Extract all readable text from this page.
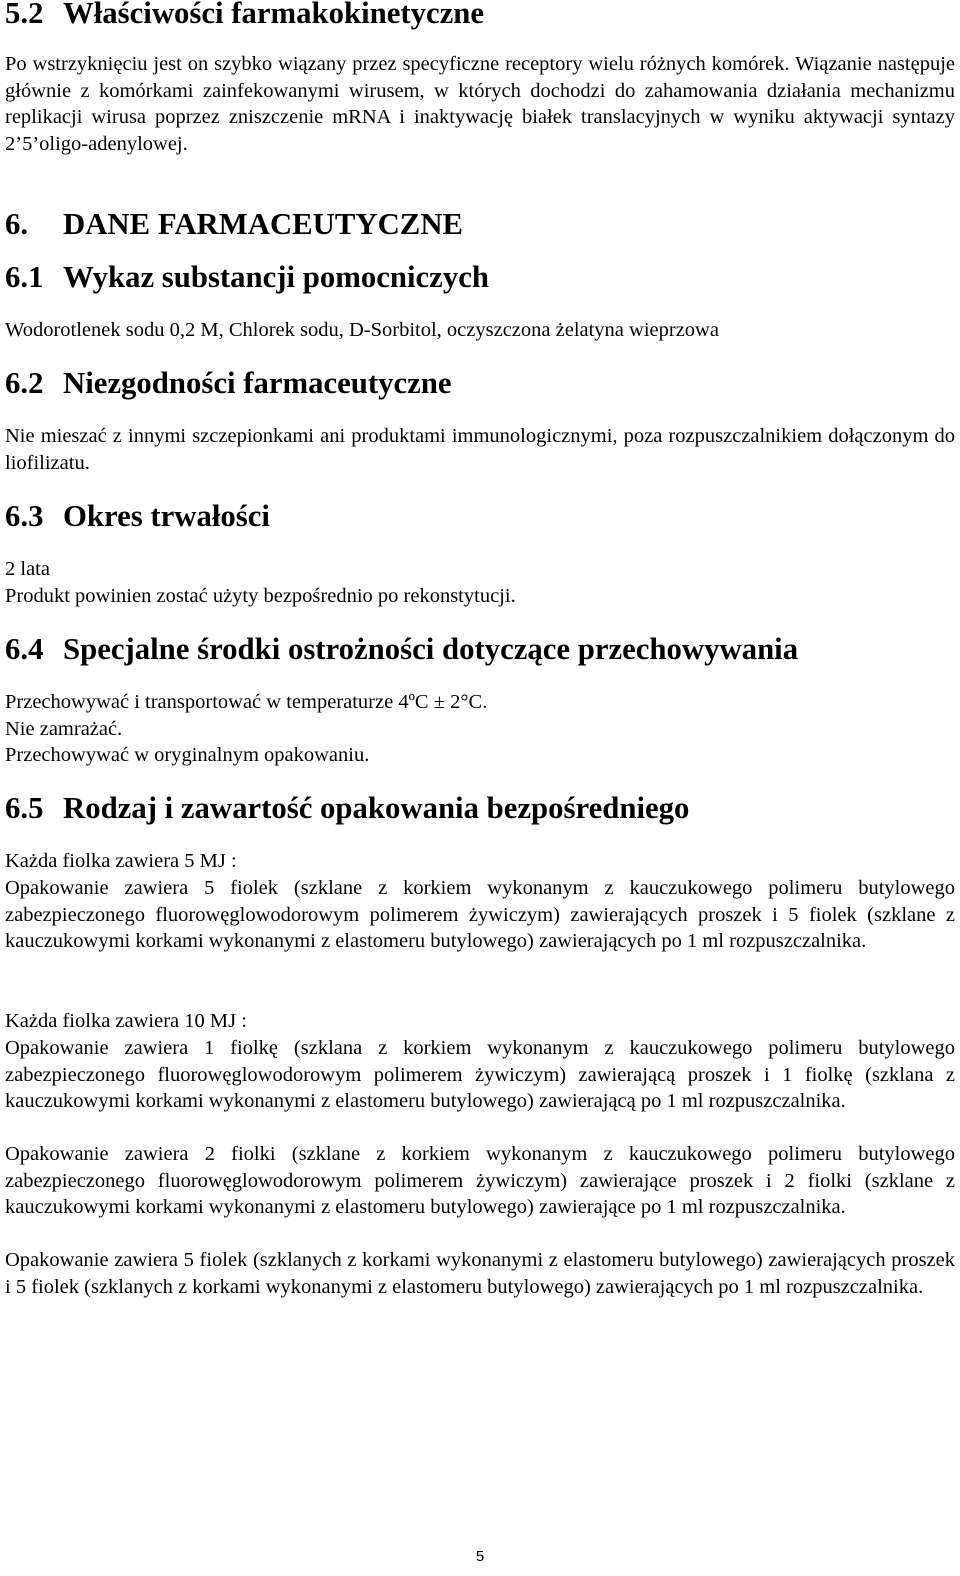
5.2 Właściwości farmakokinetyczne

Po wstrzyknięciu jest on szybko wiązany przez specyficzne receptory wielu różnych komórek. Wiązanie następuje głównie z komórkami zainfekowanymi wirusem, w których dochodzi do zahamowania działania mechanizmu replikacji wirusa poprzez zniszczenie mRNA i inaktywację białek translacyjnych w wyniku aktywacji syntazy 2’5’oligo-adenylowej.

6. DANE FARMACEUTYCZNE
6.1 Wykaz substancji pomocniczych

Wodorotlenek sodu 0,2 M, Chlorek sodu, D-Sorbitol, oczyszczona żelatyna wieprzowa

6.2 Niezgodności farmaceutyczne

Nie mieszać z innymi szczepionkami ani produktami immunologicznymi, poza rozpuszczalnikiem dołączonym do liofilizatu.

6.3 Okres trwałości

2 lata

Produkt powinien zostać użyty bezpośrednio po rekonstytucji.

6.4 Specjalne środki ostrożności dotyczące przechowywania

Przechowywać i transportować w temperaturze 4ºC ± 2°C.

Nie zamrażać.

Przechowywać w oryginalnym opakowaniu.

6.5 Rodzaj i zawartość opakowania bezpośredniego

Każda fiolka zawiera 5 MJ :

Opakowanie zawiera 5 fiolek (szklane z korkiem wykonanym z kauczukowego polimeru butylowego zabezpieczonego fluorowęglowodorowym polimerem żywiczym) zawierających proszek i 5 fiolek (szklane z kauczukowymi korkami wykonanymi z elastomeru butylowego) zawierających po 1 ml rozpuszczalnika.

Każda fiolka zawiera 10 MJ :

Opakowanie zawiera 1 fiolkę (szklana z korkiem wykonanym z kauczukowego polimeru butylowego zabezpieczonego fluorowęglowodorowym polimerem żywiczym) zawierającą proszek i 1 fiolkę (szklana z kauczukowymi korkami wykonanymi z elastomeru butylowego) zawierającą po 1 ml rozpuszczalnika.

Opakowanie zawiera 2 fiolki (szklane z korkiem wykonanym z kauczukowego polimeru butylowego zabezpieczonego fluorowęglowodorowym polimerem żywiczym) zawierające proszek i 2 fiolki (szklane z kauczukowymi korkami wykonanymi z elastomeru butylowego) zawierające po 1 ml rozpuszczalnika.

Opakowanie zawiera 5 fiolek (szklanych z korkami wykonanymi z elastomeru butylowego) zawierających proszek i 5 fiolek (szklanych z korkami wykonanymi z elastomeru butylowego) zawierających po 1 ml rozpuszczalnika.

5
